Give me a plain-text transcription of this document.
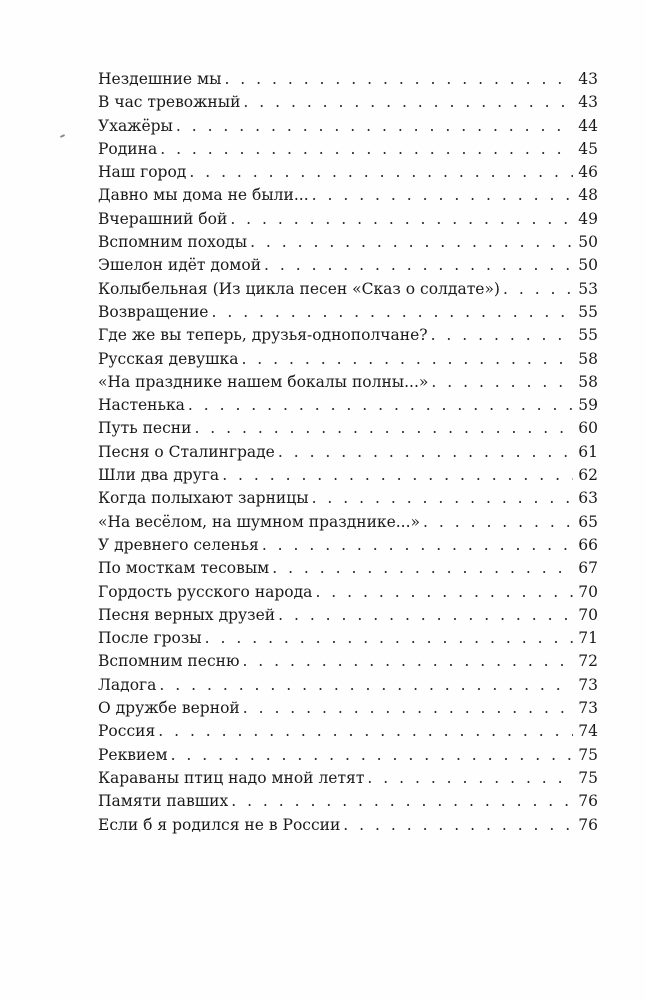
Нездешние мы . . .	43
В час тревожный . . .	43
Ухажёры . . .	44
Родина . . .	45
Наш город . . .	46
Давно мы дома не были... . . .	48
Вчерашний бой . . .	49
Вспомним походы . . .	50
Эшелон идёт домой . . .	50
Колыбельная (Из цикла песен «Сказ о солдате») . . .	53
Возвращение . . .	55
Где же вы теперь, друзья-однополчане? . . .	55
Русская девушка . . .	58
«На празднике нашем бокалы полны...» . . .	58
Настенька . . .	59
Путь песни . . .	60
Песня о Сталинграде . . .	61
Шли два друга . . .	62
Когда полыхают зарницы . . .	63
«На весёлом, на шумном празднике...» . . .	65
У древнего селенья . . .	66
По мосткам тесовым . . .	67
Гордость русского народа . . .	70
Песня верных друзей . . .	70
После грозы . . .	71
Вспомним песню . . .	72
Ладога . . .	73
О дружбе верной . . .	73
Россия . . .	74
Реквием . . .	75
Караваны птиц надо мной летят . . .	75
Памяти павших . . .	76
Если б я родился не в России . . .	76
